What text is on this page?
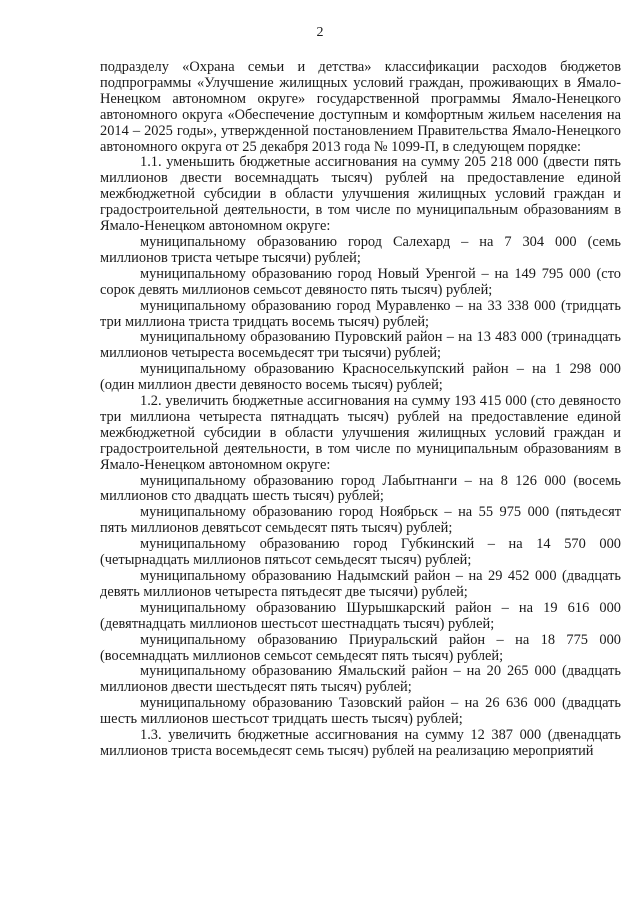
2

подразделу «Охрана семьи и детства» классификации расходов бюджетов подпрограммы «Улучшение жилищных условий граждан, проживающих в Ямало-Ненецком автономном округе» государственной программы Ямало-Ненецкого автономного округа «Обеспечение доступным и комфортным жильем населения на 2014 – 2025 годы», утвержденной постановлением Правительства Ямало-Ненецкого автономного округа от 25 декабря 2013 года № 1099-П, в следующем порядке:

1.1. уменьшить бюджетные ассигнования на сумму 205 218 000 (двести пять миллионов двести восемнадцать тысяч) рублей на предоставление единой межбюджетной субсидии в области улучшения жилищных условий граждан и градостроительной деятельности, в том числе по муниципальным образованиям в Ямало-Ненецком автономном округе:

муниципальному образованию город Салехард – на 7 304 000 (семь миллионов триста четыре тысячи) рублей;

муниципальному образованию город Новый Уренгой – на 149 795 000 (сто сорок девять миллионов семьсот девяносто пять тысяч) рублей;

муниципальному образованию город Муравленко – на 33 338 000 (тридцать три миллиона триста тридцать восемь тысяч) рублей;

муниципальному образованию Пуровский район – на 13 483 000 (тринадцать миллионов четыреста восемьдесят три тысячи) рублей;

муниципальному образованию Красноселькупский район – на 1 298 000 (один миллион двести девяносто восемь тысяч) рублей;

1.2. увеличить бюджетные ассигнования на сумму 193 415 000 (сто девяносто три миллиона четыреста пятнадцать тысяч) рублей на предоставление единой межбюджетной субсидии в области улучшения жилищных условий граждан и градостроительной деятельности, в том числе по муниципальным образованиям в Ямало-Ненецком автономном округе:

муниципальному образованию город Лабытнанги – на 8 126 000 (восемь миллионов сто двадцать шесть тысяч) рублей;

муниципальному образованию город Ноябрьск – на 55 975 000 (пятьдесят пять миллионов девятьсот семьдесят пять тысяч) рублей;

муниципальному образованию город Губкинский – на 14 570 000 (четырнадцать миллионов пятьсот семьдесят тысяч) рублей;

муниципальному образованию Надымский район – на 29 452 000 (двадцать девять миллионов четыреста пятьдесят две тысячи) рублей;

муниципальному образованию Шурышкарский район – на 19 616 000 (девятнадцать миллионов шестьсот шестнадцать тысяч) рублей;

муниципальному образованию Приуральский район – на 18 775 000 (восемнадцать миллионов семьсот семьдесят пять тысяч) рублей;

муниципальному образованию Ямальский район – на 20 265 000 (двадцать миллионов двести шестьдесят пять тысяч) рублей;

муниципальному образованию Тазовский район – на 26 636 000 (двадцать шесть миллионов шестьсот тридцать шесть тысяч) рублей;

1.3. увеличить бюджетные ассигнования на сумму 12 387 000 (двенадцать миллионов триста восемьдесят семь тысяч) рублей на реализацию мероприятий
